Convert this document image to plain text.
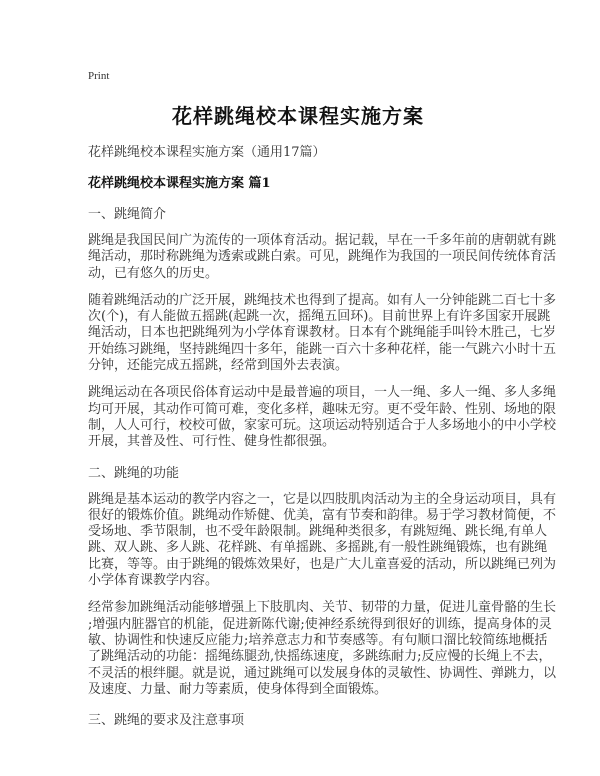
Print
花样跳绳校本课程实施方案
花样跳绳校本课程实施方案（通用17篇）
花样跳绳校本课程实施方案 篇1
一、跳绳简介
跳绳是我国民间广为流传的一项体育活动。据记载，早在一千多年前的唐朝就有跳
绳活动，那时称跳绳为透索或跳白索。可见，跳绳作为我国的一项民间传统体育活
动，已有悠久的历史。
随着跳绳活动的广泛开展，跳绳技术也得到了提高。如有人一分钟能跳二百七十多
次(个)，有人能做五摇跳(起跳一次，摇绳五回环)。目前世界上有许多国家开展跳
绳活动，日本也把跳绳列为小学体育课教材。日本有个跳绳能手叫铃木胜己，七岁
开始练习跳绳，坚持跳绳四十多年，能跳一百六十多种花样，能一气跳六小时十五
分钟，还能完成五摇跳，经常到国外去表演。
跳绳运动在各项民俗体育运动中是最普遍的项目，一人一绳、多人一绳、多人多绳
均可开展，其动作可简可难，变化多样，趣味无穷。更不受年龄、性别、场地的限
制，人人可行，校校可做，家家可玩。这项运动特别适合于人多场地小的中小学校
开展，其普及性、可行性、健身性都很强。
二、跳绳的功能
跳绳是基本运动的教学内容之一，它是以四肢肌肉活动为主的全身运动项目，具有
很好的锻炼价值。跳绳动作矫健、优美，富有节奏和韵律。易于学习教材简便，不
受场地、季节限制，也不受年龄限制。跳绳种类很多，有跳短绳、跳长绳,有单人
跳、双人跳、多人跳、花样跳、有单摇跳、多摇跳,有一般性跳绳锻炼，也有跳绳
比赛，等等。由于跳绳的锻炼效果好，也是广大儿童喜爱的活动，所以跳绳已列为
小学体育课教学内容。
经常参加跳绳活动能够增强上下肢肌肉、关节、韧带的力量，促进儿童骨骼的生长
;增强内脏器官的机能，促进新陈代谢;使神经系统得到很好的训练，提高身体的灵
敏、协调性和快速反应能力;培养意志力和节奏感等。有句顺口溜比较简练地概括
了跳绳活动的功能：摇绳练腿劲,快摇练速度，多跳练耐力;反应慢的长绳上不去，
不灵活的根绊腿。就是说，通过跳绳可以发展身体的灵敏性、协调性、弹跳力，以
及速度、力量、耐力等素质，使身体得到全面锻炼。
三、跳绳的要求及注意事项
